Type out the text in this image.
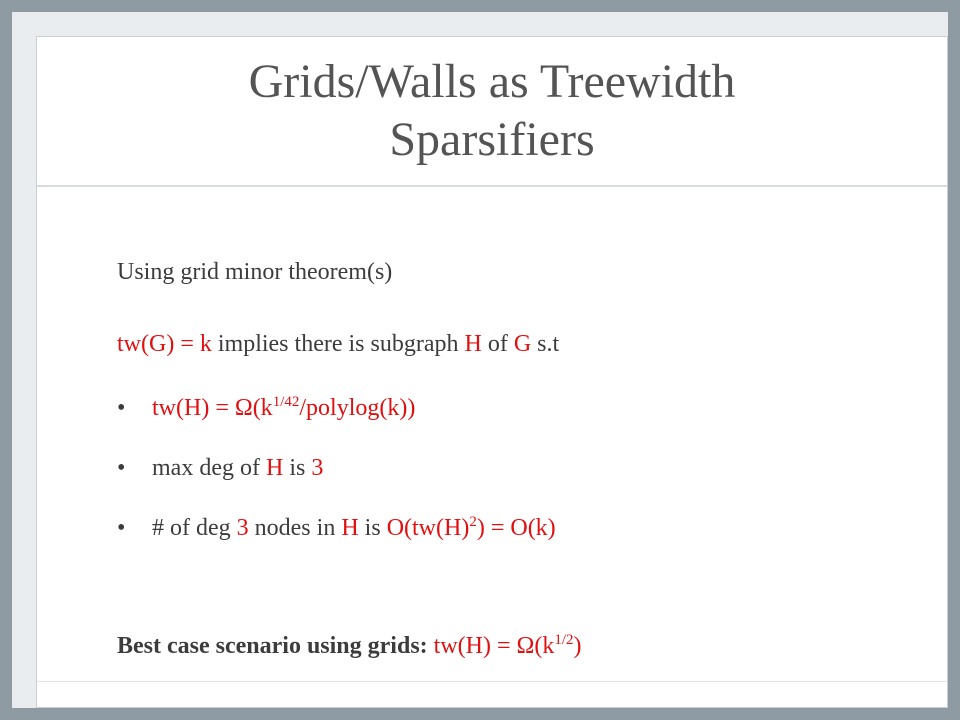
Grids/Walls as Treewidth
Sparsifiers
Using grid minor theorem(s)
tw(G) = k implies there is subgraph H of G s.t
• $tw(H) = \Omega(k^{1/42}/polylog(k))$
• max deg of H is 3
• # of deg 3 nodes in H is $O(tw(H)^2) = O(k)$
Best case scenario using grids: $tw(H) = \Omega(k^{1/2})$
